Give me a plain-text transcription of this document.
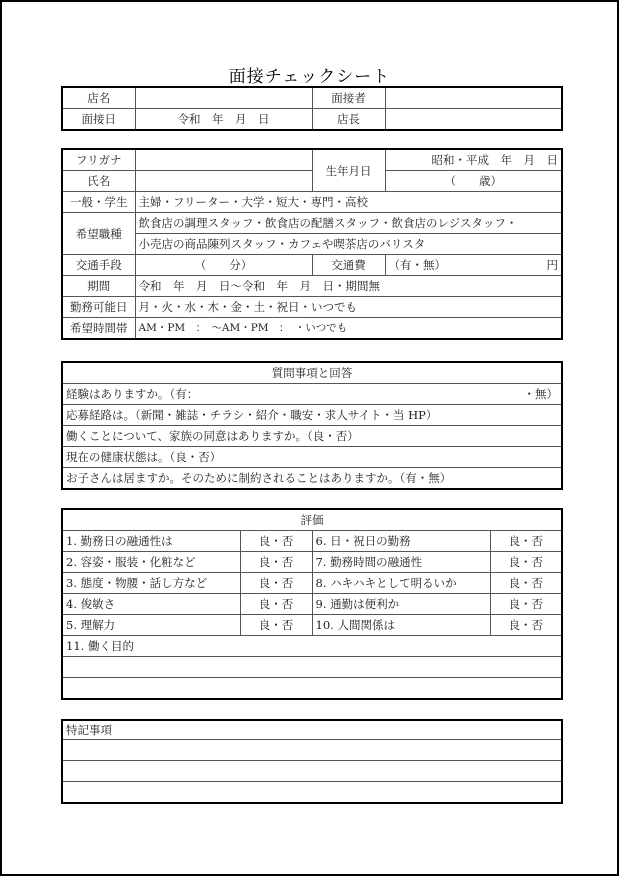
面接チェックシート
店名		面接者	
面接日	令和　年　月　日	店長	
フリガナ		生年月日	昭和・平成　年　月　日
氏名			（　　歳）
一般・学生	主婦・フリーター・大学・短大・専門・高校		
希望職種	飲食店の調理スタッフ・飲食店の配膳スタッフ・飲食店のレジスタッフ・		
	小売店の商品陳列スタッフ・カフェや喫茶店のバリスタ		
交通手段	（　　分）	交通費	（有・無） 円

期間	令和　年　月　日〜令和　年　月　日・期間無		
勤務可能日	月・火・水・木・金・土・祝日・いつでも		
希望時間帯	AM・PM　：　〜AM・PM　：　・いつでも		
質問事項と回答
経験はありますか。（有：	・無）

応募経路は。（新聞・雑誌・チラシ・紹介・職安・求人サイト・当 HP）
働くことについて、家族の同意はありますか。（良・否）
現在の健康状態は。（良・否）
お子さんは居ますか。そのために制約されることはありますか。（有・無）
評価			
1. 勤務日の融通性は	良・否	6. 日・祝日の勤務	良・否
2. 容姿・服装・化粧など	良・否	7. 勤務時間の融通性	良・否
3. 態度・物腰・話し方など	良・否	8. ハキハキとして明るいか	良・否
4. 俊敏さ	良・否	9. 通勤は便利か	良・否
5. 理解力	良・否	10. 人間関係は	良・否
11. 働く目的			

特記事項
